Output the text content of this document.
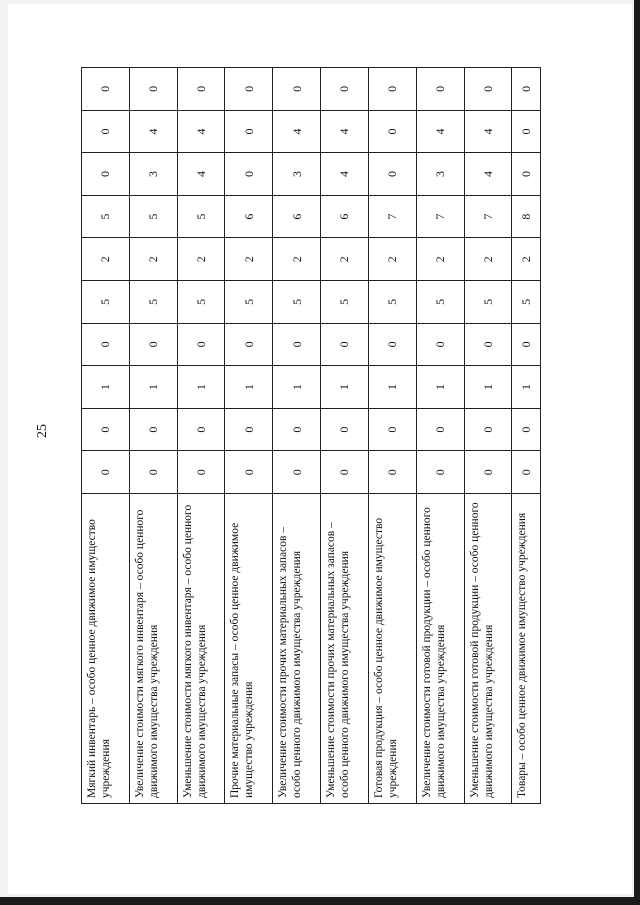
25
Мягкий инвентарь – особо ценное движимое имущество учреждения	0	0	1	0	5	2	5	0	0	0
Увеличение стоимости мягкого инвентаря – особо ценного движимого имущества учреждения	0	0	1	0	5	2	5	3	4	0
Уменьшение стоимости мягкого инвентаря – особо ценного движимого имущества учреждения	0	0	1	0	5	2	5	4	4	0
Прочие материальные запасы – особо ценное движимое имущество учреждения	0	0	1	0	5	2	6	0	0	0
Увеличение стоимости прочих материальных запасов – особо ценного движимого имущества учреждения	0	0	1	0	5	2	6	3	4	0
Уменьшение стоимости прочих материальных запасов – особо ценного движимого имущества учреждения	0	0	1	0	5	2	6	4	4	0
Готовая продукция – особо ценное движимое имущество учреждения	0	0	1	0	5	2	7	0	0	0
Увеличение стоимости готовой продукции – особо ценного движимого имущества учреждения	0	0	1	0	5	2	7	3	4	0
Уменьшение стоимости готовой продукции – особо ценного движимого имущества учреждения	0	0	1	0	5	2	7	4	4	0
Товары – особо ценное движимое имущество учреждения	0	0	1	0	5	2	8	0	0	0
